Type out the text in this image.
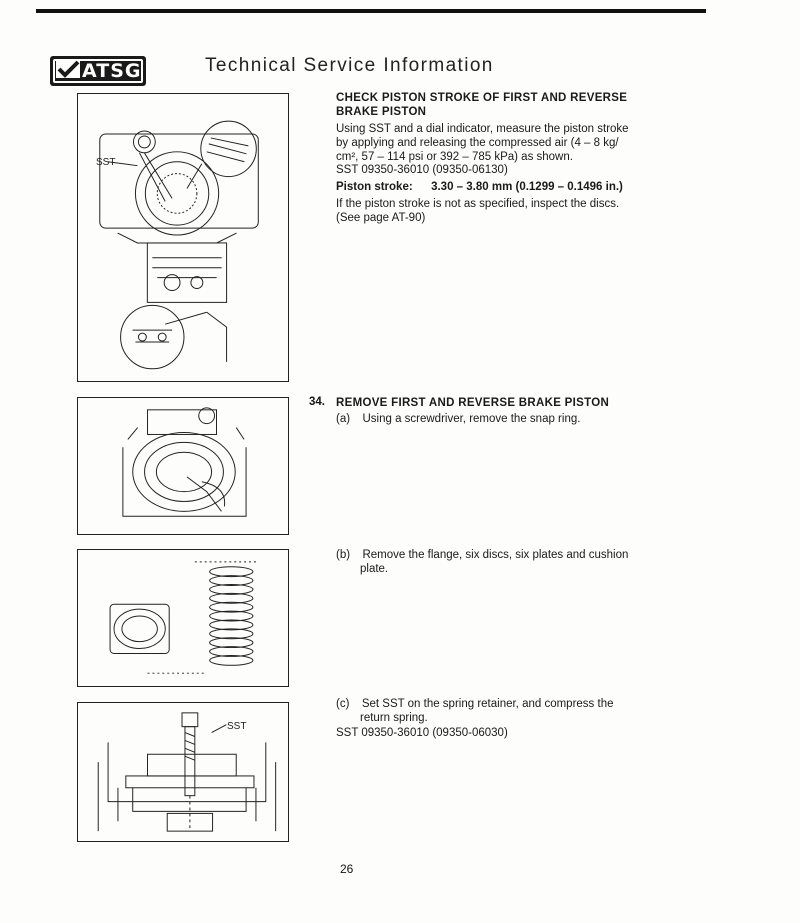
ATSG	Technical Service Information
SST
SST
CHECK PISTON STROKE OF FIRST AND REVERSE
BRAKE PISTON
Using SST and a dial indicator, measure the piston stroke
by applying and releasing the compressed air (4 – 8 kg/
cm², 57 – 114 psi or 392 – 785 kPa) as shown.
SST 09350-36010 (09350-06130)
Piston stroke: 3.30 – 3.80 mm (0.1299 – 0.1496 in.)
If the piston stroke is not as specified, inspect the discs.
(See page AT-90)
34. REMOVE FIRST AND REVERSE BRAKE PISTON
(a) Using a screwdriver, remove the snap ring.
(b) Remove the flange, six discs, six plates and cushion
plate.
(c) Set SST on the spring retainer, and compress the
return spring.
SST 09350-36010 (09350-06030)
26
